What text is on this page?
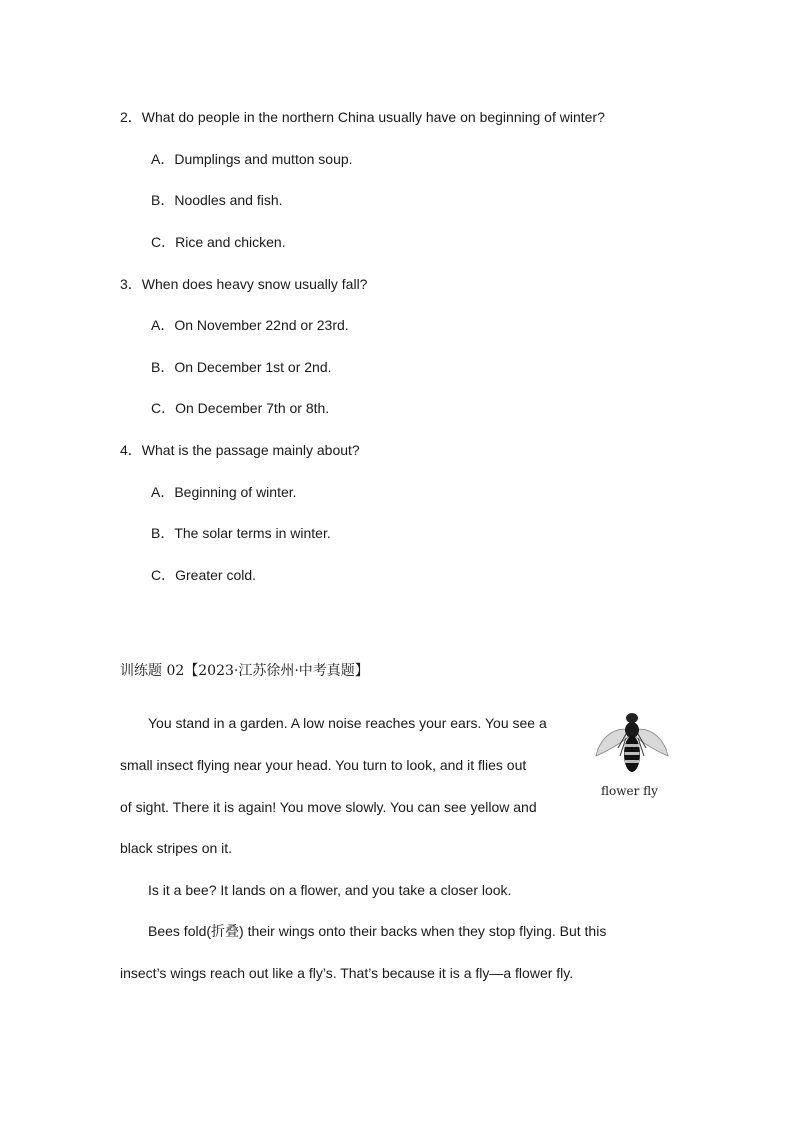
2．What do people in the northern China usually have on beginning of winter?
A．Dumplings and mutton soup.
B．Noodles and fish.
C．Rice and chicken.
3．When does heavy snow usually fall?
A．On November 22nd or 23rd.
B．On December 1st or 2nd.
C．On December 7th or 8th.
4．What is the passage mainly about?
A．Beginning of winter.
B．The solar terms in winter.
C．Greater cold.
训练题 02【2023·江苏徐州·中考真题】
You stand in a garden. A low noise reaches your ears. You see a
small insect flying near your head. You turn to look, and it flies out
of sight. There it is again! You move slowly. You can see yellow and
black stripes on it.
Is it a bee? It lands on a flower, and you take a closer look.
Bees fold(折叠) their wings onto their backs when they stop flying. But this
insect’s wings reach out like a fly’s. That’s because it is a fly—a flower fly.
flower fly
